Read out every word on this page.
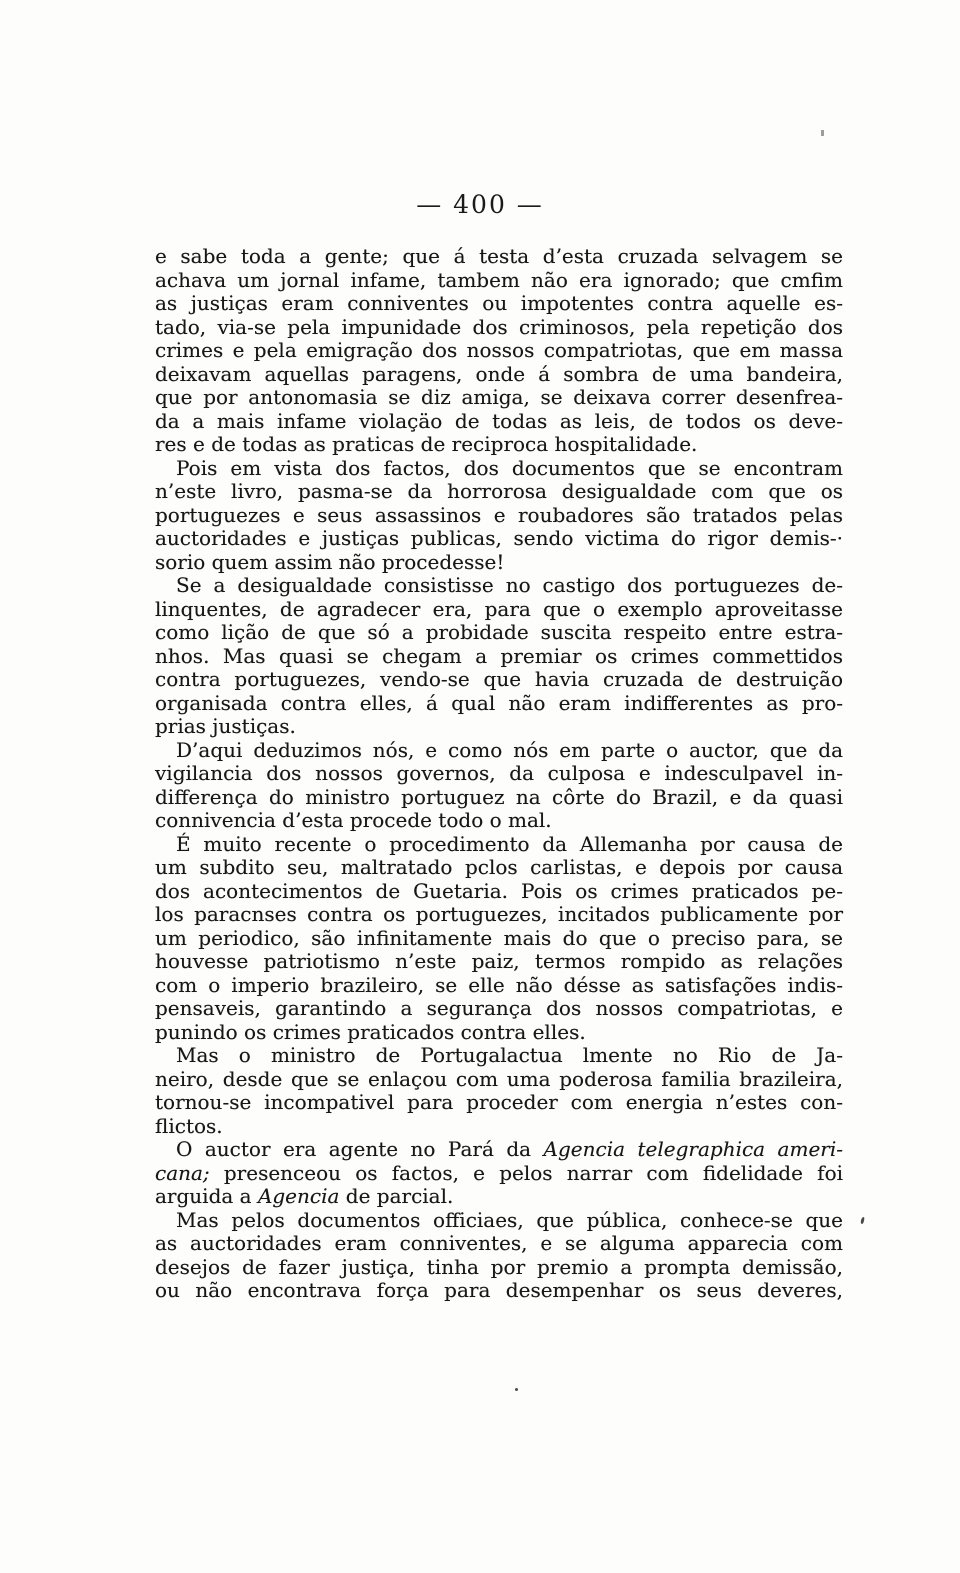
— 400 —
e sabe toda a gente; que á testa d’esta cruzada selvagem se
achava um jornal infame, tambem não era ignorado; que cmfim
as justiças eram conniventes ou impotentes contra aquelle es-
tado, via-se pela impunidade dos criminosos, pela repetição dos
crimes e pela emigração dos nossos compatriotas, que em massa
deixavam aquellas paragens, onde á sombra de uma bandeira,
que por antonomasia se diz amiga, se deixava correr desenfrea-
da a mais infame violaçäo de todas as leis, de todos os deve-
res e de todas as praticas de reciproca hospitalidade.
Pois em vista dos factos, dos documentos que se encontram
n’este livro, pasma-se da horrorosa desigualdade com que os
portuguezes e seus assassinos e roubadores são tratados pelas
auctoridades e justiças publicas, sendo victima do rigor demis-·
sorio quem assim não procedesse!
Se a desigualdade consistisse no castigo dos portuguezes de-
linquentes, de agradecer era, para que o exemplo aproveitasse
como lição de que só a probidade suscita respeito entre estra-
nhos. Mas quasi se chegam a premiar os crimes commettidos
contra portuguezes, vendo-se que havia cruzada de destruição
organisada contra elles, á qual não eram indifferentes as pro-
prias justiças.
D’aqui deduzimos nós, e como nós em parte o auctor, que da
vigilancia dos nossos governos, da culposa e indesculpavel in-
differença do ministro portuguez na côrte do Brazil, e da quasi
connivencia d’esta procede todo o mal.
É muito recente o procedimento da Allemanha por causa de
um subdito seu, maltratado pclos carlistas, e depois por causa
dos acontecimentos de Guetaria. Pois os crimes praticados pe-
los paracnses contra os portuguezes, incitados publicamente por
um periodico, são infinitamente mais do que o preciso para, se
houvesse patriotismo n’este paiz, termos rompido as relações
com o imperio brazileiro, se elle não désse as satisfações indis-
pensaveis, garantindo a segurança dos nossos compatriotas, e
punindo os crimes praticados contra elles.
Mas o ministro de Portugalactua lmente no Rio de Ja-
neiro, desde que se enlaçou com uma poderosa familia brazileira,
tornou-se incompativel para proceder com energia n’estes con-
flictos.
O auctor era agente no Pará da Agencia telegraphica ameri-
cana; presenceou os factos, e pelos narrar com fidelidade foi
arguida a Agencia de parcial.
Mas pelos documentos officiaes, que pública, conhece-se que
as auctoridades eram conniventes, e se alguma apparecia com
desejos de fazer justiça, tinha por premio a prompta demissão,
ou não encontrava força para desempenhar os seus deveres,
